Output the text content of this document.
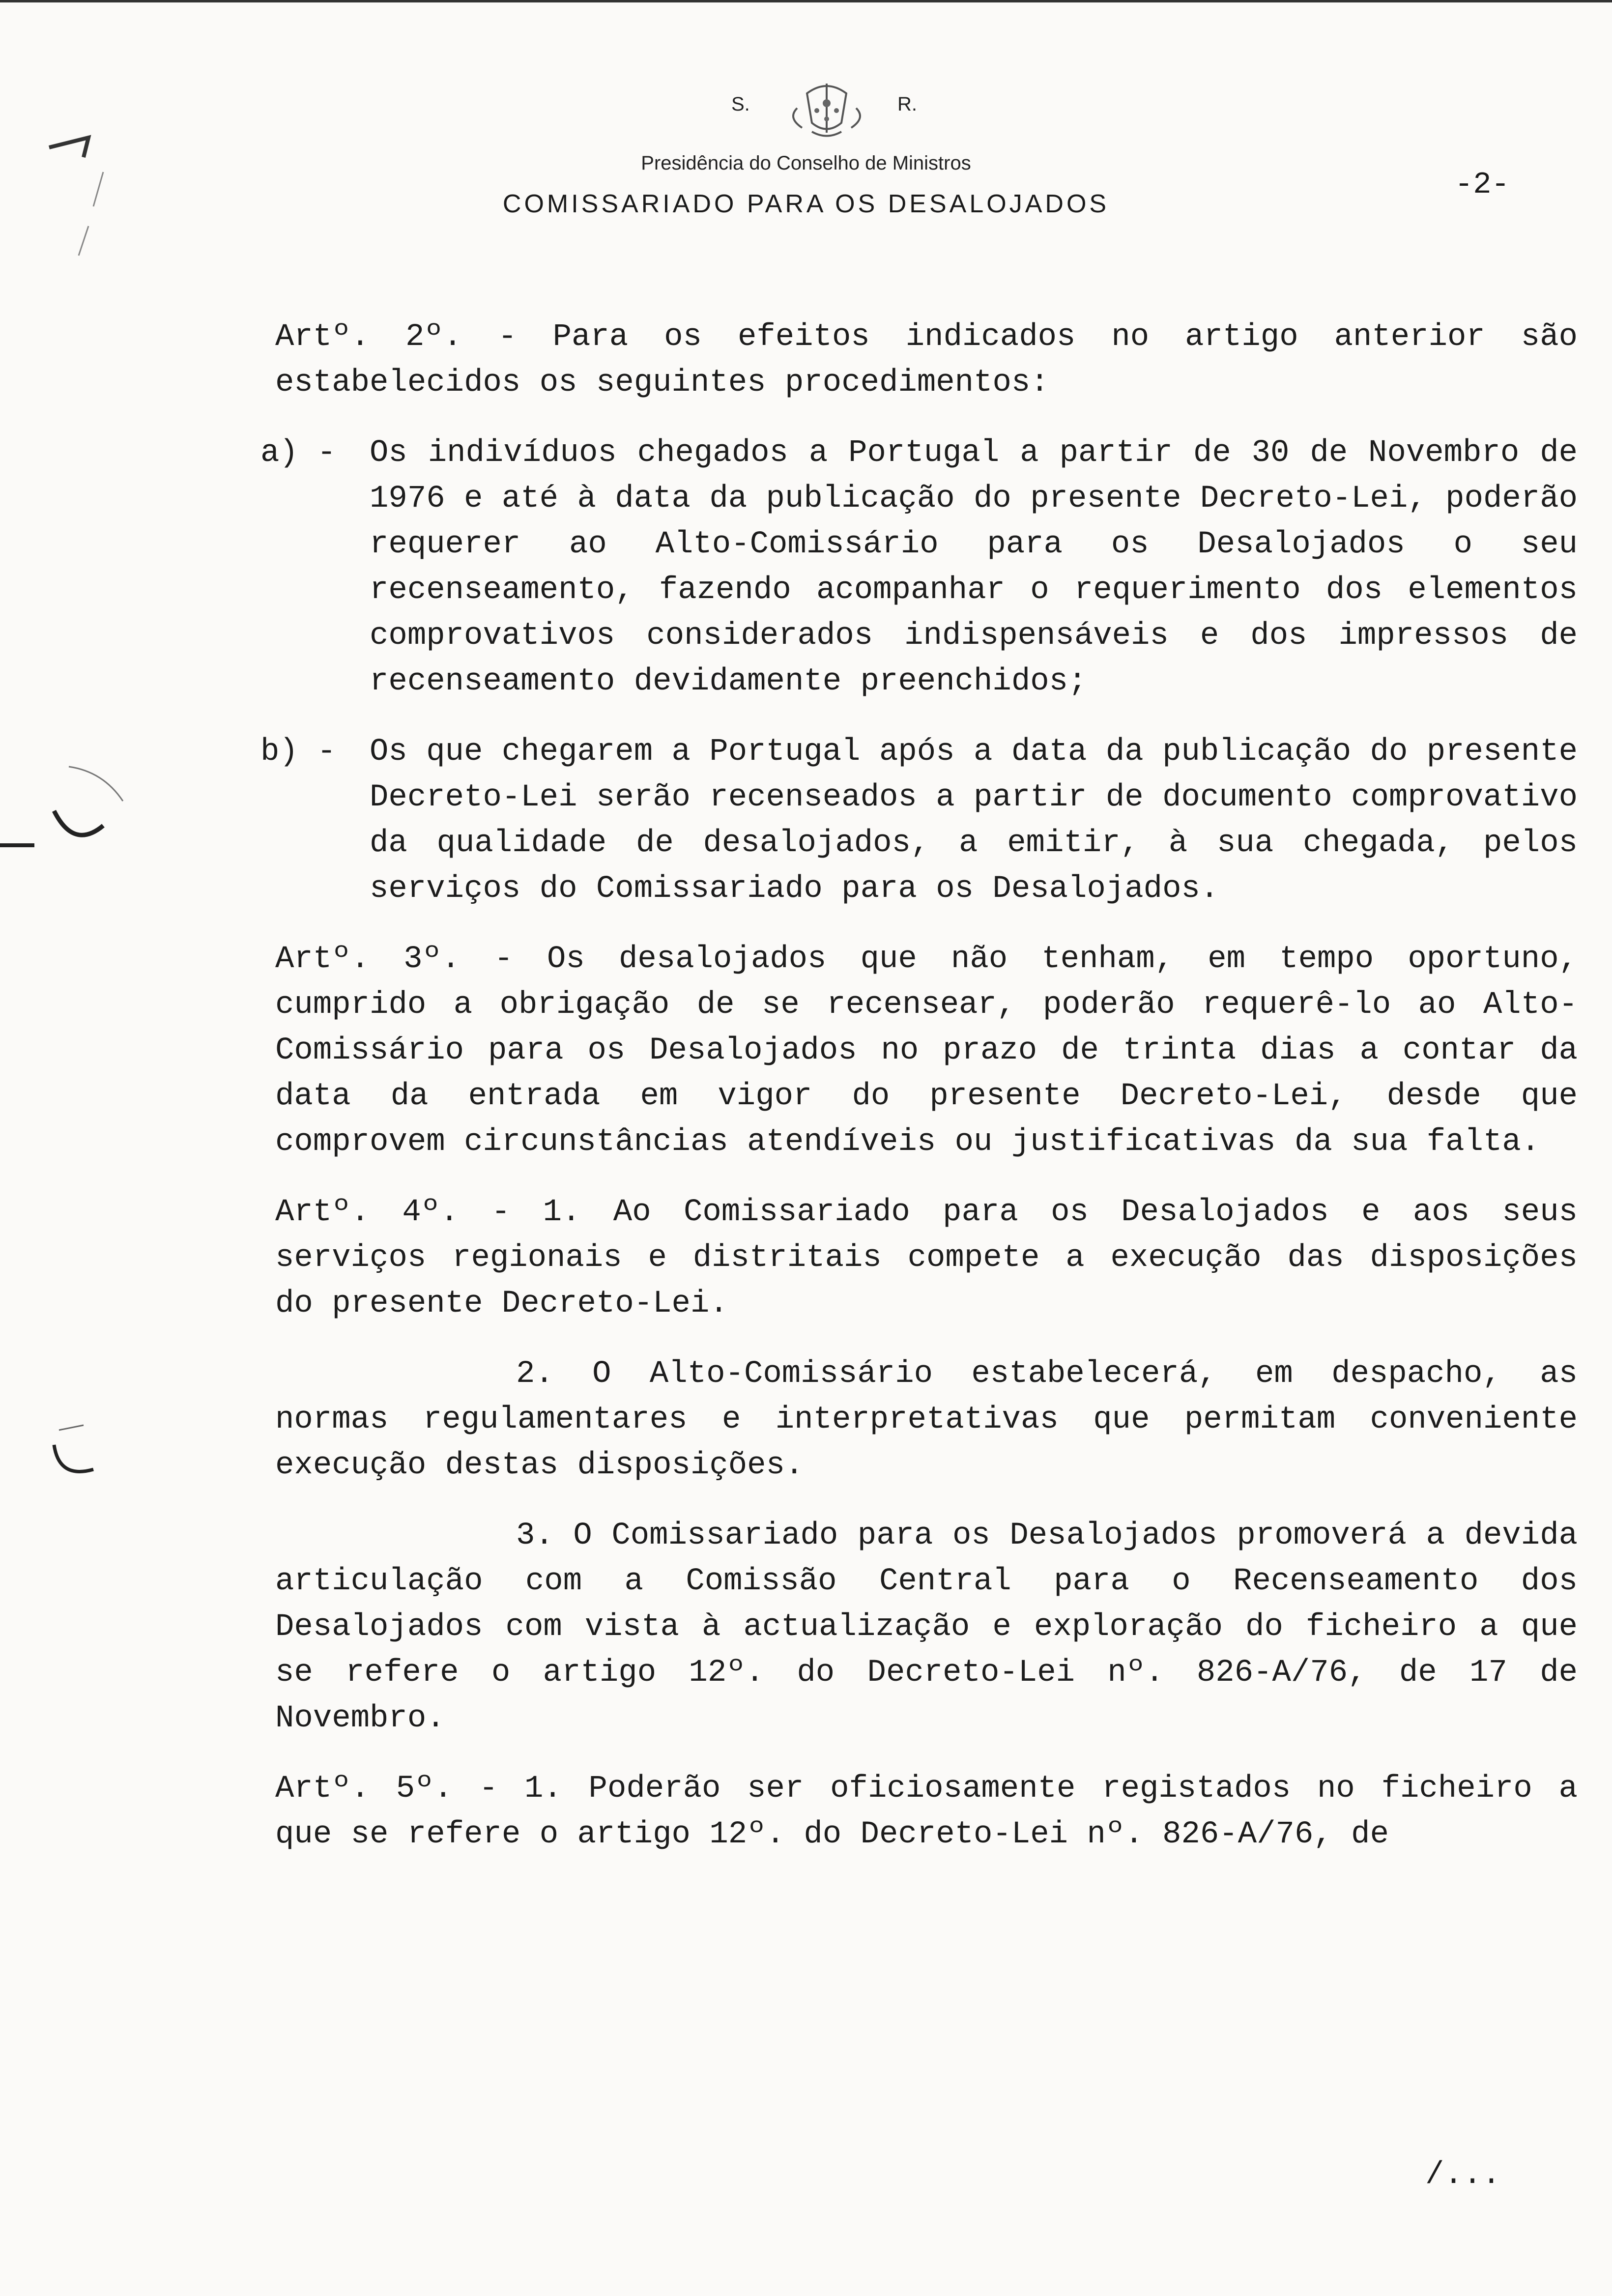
S.	R.
Presidência do Conselho de Ministros
COMISSARIADO PARA OS DESALOJADOS
-2-

Artº. 2º. - Para os efeitos indicados no artigo anterior são estabelecidos os seguintes procedimentos:

a) - Os indivíduos chegados a Portugal a partir de 30 de Novembro de 1976 e até à data da publicação do presente Decreto-Lei, poderão requerer ao Alto-Comissário para os Desalojados o seu recenseamento, fazendo acompanhar o requerimento dos elementos comprovativos considerados indispensáveis e dos impressos de recenseamento devidamente preenchidos;
b) - Os que chegarem a Portugal após a data da publicação do presente Decreto-Lei serão recenseados a partir de documento comprovativo da qualidade de desalojados, a emitir, à sua chegada, pelos serviços do Comissariado para os Desalojados.

Artº. 3º. - Os desalojados que não tenham, em tempo oportuno, cumprido a obrigação de se recensear, poderão requerê-lo ao Alto-Comissário para os Desalojados no prazo de trinta dias a contar da data da entrada em vigor do presente Decreto-Lei, desde que comprovem circunstâncias atendíveis ou justificativas da sua falta.

Artº. 4º. - 1. Ao Comissariado para os Desalojados e aos seus serviços regionais e distritais compete a execução das disposições do presente Decreto-Lei.

2. O Alto-Comissário estabelecerá, em despacho, as normas regulamentares e interpretativas que permitam conveniente execução destas disposições.

3. O Comissariado para os Desalojados promoverá a devida articulação com a Comissão Central para o Recenseamento dos Desalojados com vista à actualização e exploração do ficheiro a que se refere o artigo 12º. do Decreto-Lei nº. 826-A/76, de 17 de Novembro.

Artº. 5º. - 1. Poderão ser oficiosamente registados no ficheiro a que se refere o artigo 12º. do Decreto-Lei nº. 826-A/76, de

/...
